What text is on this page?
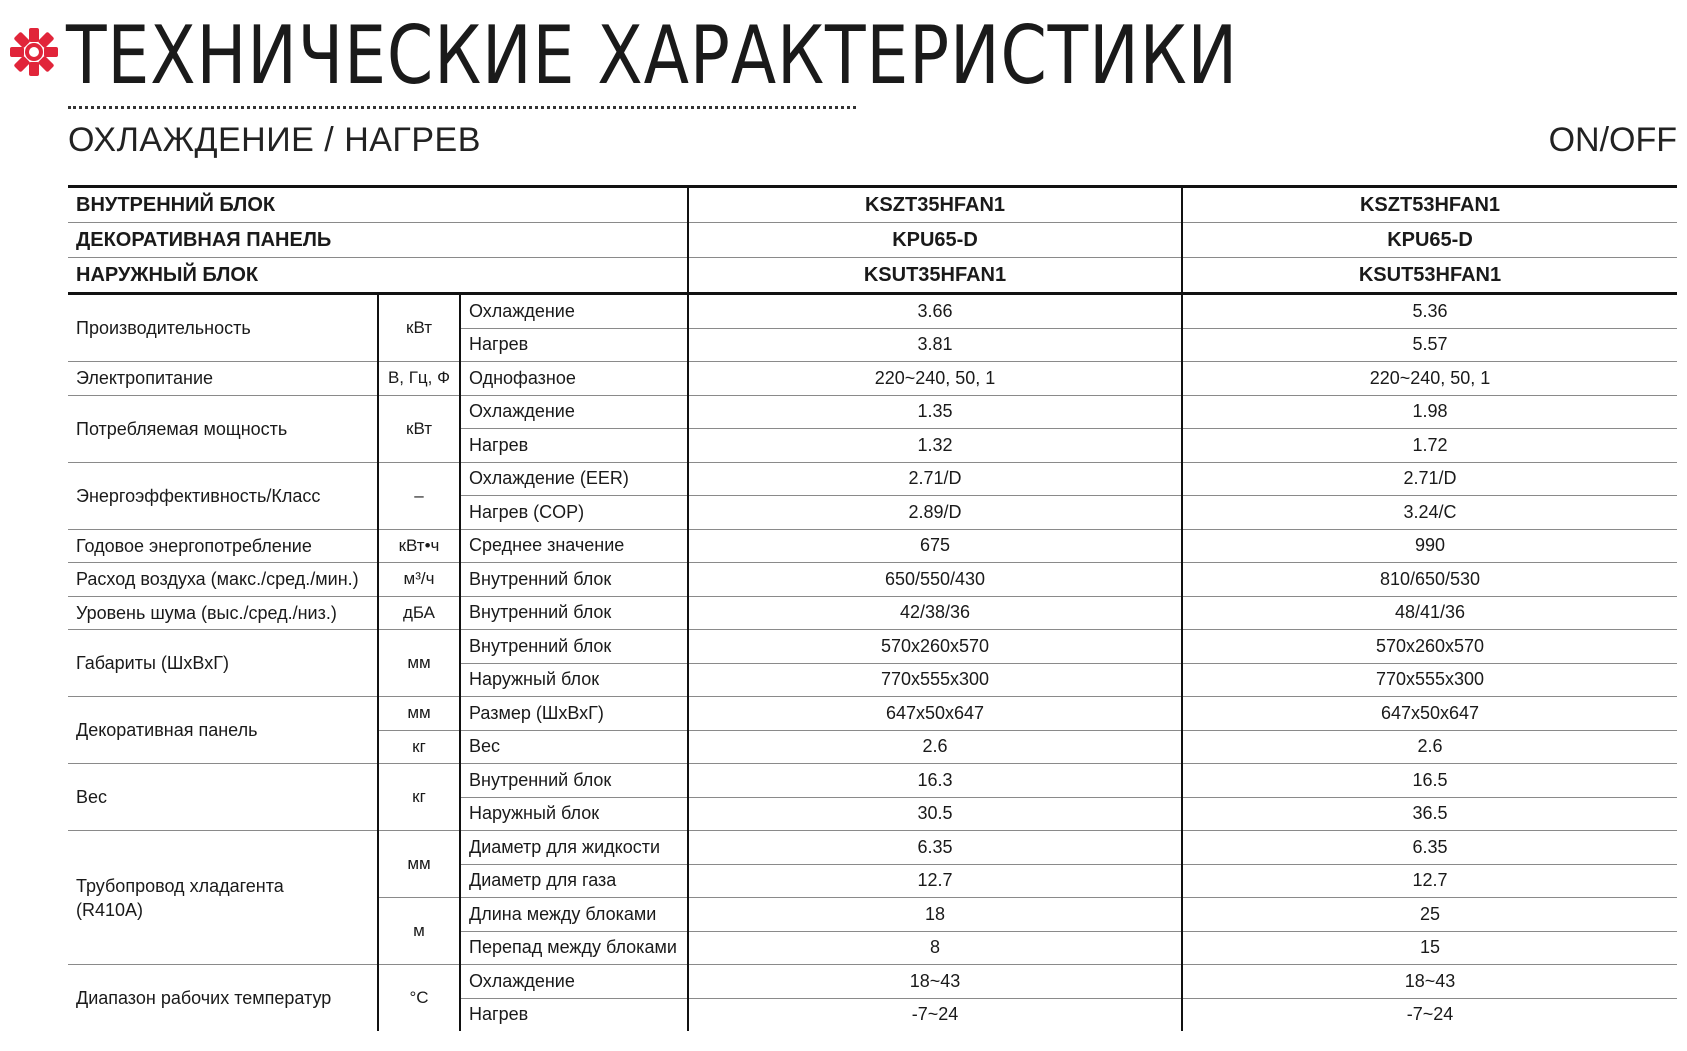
ТЕХНИЧЕСКИЕ ХАРАКТЕРИСТИКИ
ОХЛАЖДЕНИЕ / НАГРЕВ	ON/OFF
ВНУТРЕННИЙ БЛОК			KSZT35HFAN1	KSZT53HFAN1
ДЕКОРАТИВНАЯ ПАНЕЛЬ			KPU65-D	KPU65-D
НАРУЖНЫЙ БЛОК			KSUT35HFAN1	KSUT53HFAN1
Производительность	кВт	Охлаждение	3.66	5.36
		Нагрев	3.81	5.57
Электропитание	В, Гц, Ф	Однофазное	220~240, 50, 1	220~240, 50, 1
Потребляемая мощность	кВт	Охлаждение	1.35	1.98
		Нагрев	1.32	1.72
Энергоэффективность/Класс	–	Охлаждение (EER)	2.71/D	2.71/D
		Нагрев (COP)	2.89/D	3.24/C
Годовое энергопотребление	кВт•ч	Среднее значение	675	990
Расход воздуха (макс./сред./мин.)	м³/ч	Внутренний блок	650/550/430	810/650/530
Уровень шума (выс./сред./низ.)	дБА	Внутренний блок	42/38/36	48/41/36
Габариты (ШхВхГ)	мм	Внутренний блок	570x260x570	570x260x570
		Наружный блок	770x555x300	770x555x300
Декоративная панель	мм	Размер (ШхВхГ)	647x50x647	647x50x647
	кг	Вес	2.6	2.6
Вес	кг	Внутренний блок	16.3	16.5
		Наружный блок	30.5	36.5

Трубопровод хладагента
(R410A)	мм	Диаметр для жидкости	6.35	6.35
		Диаметр для газа	12.7	12.7
	м	Длина между блоками	18	25
		Перепад между блоками	8	15
Диапазон рабочих температур	°C	Охлаждение	18~43	18~43
		Нагрев	-7~24	-7~24
